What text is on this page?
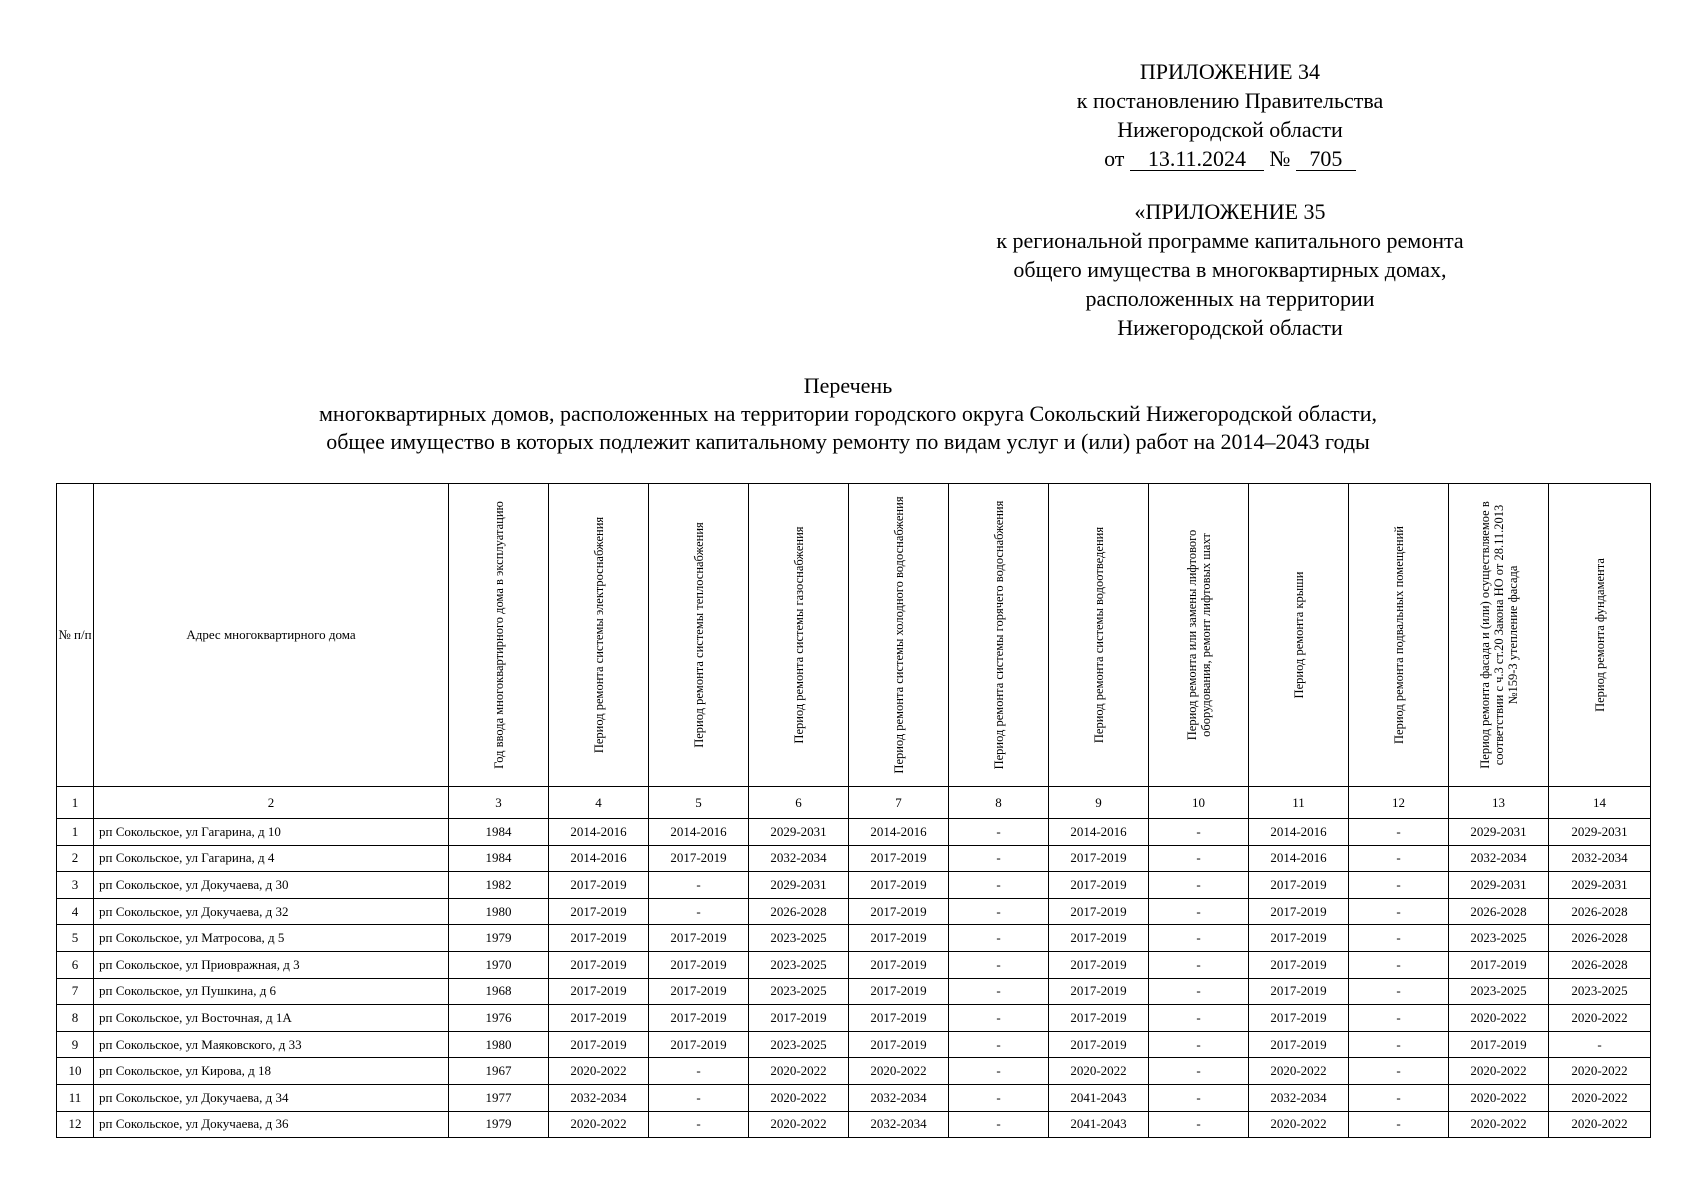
ПРИЛОЖЕНИЕ 34
к постановлению Правительства
Нижегородской области
от 13.11.2024 № 705
«ПРИЛОЖЕНИЕ 35
к региональной программе капитального ремонта
общего имущества в многоквартирных домах,
расположенных на территории
Нижегородской области
Перечень
многоквартирных домов, расположенных на территории городского округа Сокольский Нижегородской области,
общее имущество в которых подлежит капитальному ремонту по видам услуг и (или) работ на 2014–2043 годы
№ п/п	Адрес многоквартирного дома	Год ввода многоквартирного дома в эксплуатацию	Период ремонта системы электроснабжения	Период ремонта системы теплоснабжения	Период ремонта системы газоснабжения	Период ремонта системы холодного водоснабжения	Период ремонта системы горячего водоснабжения	Период ремонта системы водоотведения	Период ремонта или замены лифтового оборудования, ремонт лифтовых шахт	Период ремонта крыши	Период ремонта подвальных помещений	Период ремонта фасада и (или) осуществляемое в соответствии с ч.3 ст.20 Закона НО от 28.11.2013 №159-З утепление фасада	Период ремонта фундамента

1	2	3	4	5	6	7	8	9	10	11	12	13	14
1	рп Сокольское, ул Гагарина, д 10	1984	2014-2016	2014-2016	2029-2031	2014-2016	-	2014-2016	-	2014-2016	-	2029-2031	2029-2031
2	рп Сокольское, ул Гагарина, д 4	1984	2014-2016	2017-2019	2032-2034	2017-2019	-	2017-2019	-	2014-2016	-	2032-2034	2032-2034
3	рп Сокольское, ул Докучаева, д 30	1982	2017-2019	-	2029-2031	2017-2019	-	2017-2019	-	2017-2019	-	2029-2031	2029-2031
4	рп Сокольское, ул Докучаева, д 32	1980	2017-2019	-	2026-2028	2017-2019	-	2017-2019	-	2017-2019	-	2026-2028	2026-2028
5	рп Сокольское, ул Матросова, д 5	1979	2017-2019	2017-2019	2023-2025	2017-2019	-	2017-2019	-	2017-2019	-	2023-2025	2026-2028
6	рп Сокольское, ул Приовражная, д 3	1970	2017-2019	2017-2019	2023-2025	2017-2019	-	2017-2019	-	2017-2019	-	2017-2019	2026-2028
7	рп Сокольское, ул Пушкина, д 6	1968	2017-2019	2017-2019	2023-2025	2017-2019	-	2017-2019	-	2017-2019	-	2023-2025	2023-2025
8	рп Сокольское, ул Восточная, д 1А	1976	2017-2019	2017-2019	2017-2019	2017-2019	-	2017-2019	-	2017-2019	-	2020-2022	2020-2022
9	рп Сокольское, ул Маяковского, д 33	1980	2017-2019	2017-2019	2023-2025	2017-2019	-	2017-2019	-	2017-2019	-	2017-2019	-
10	рп Сокольское, ул Кирова, д 18	1967	2020-2022	-	2020-2022	2020-2022	-	2020-2022	-	2020-2022	-	2020-2022	2020-2022
11	рп Сокольское, ул Докучаева, д 34	1977	2032-2034	-	2020-2022	2032-2034	-	2041-2043	-	2032-2034	-	2020-2022	2020-2022
12	рп Сокольское, ул Докучаева, д 36	1979	2020-2022	-	2020-2022	2032-2034	-	2041-2043	-	2020-2022	-	2020-2022	2020-2022
